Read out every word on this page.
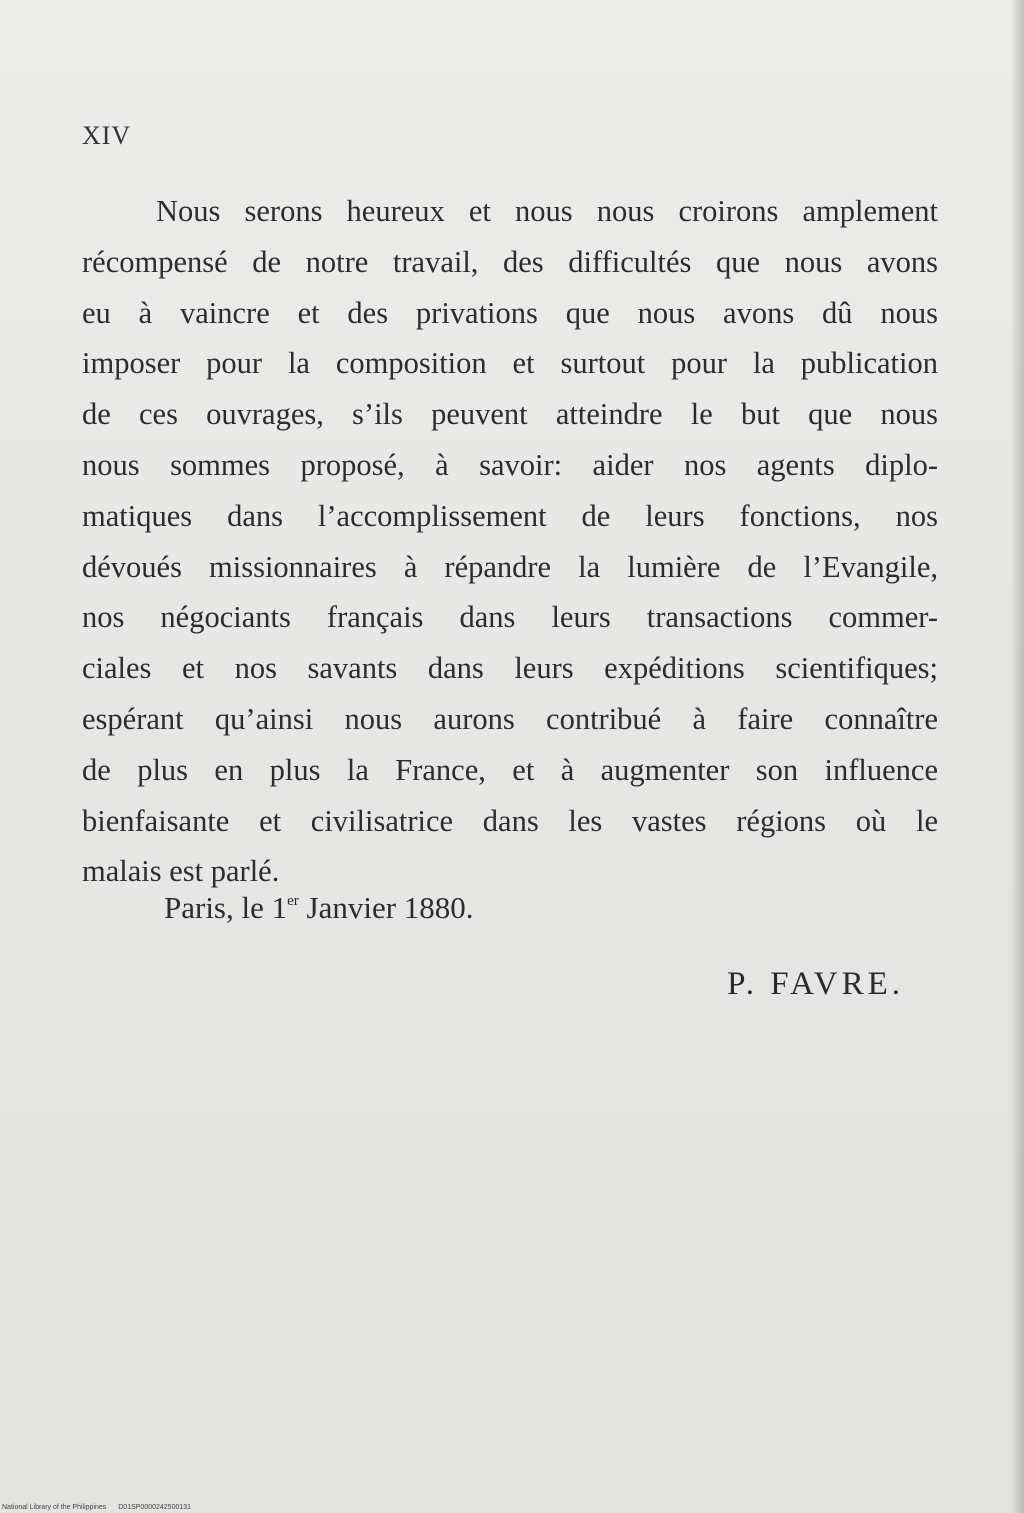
XIV

Nous serons heureux et nous nous croirons amplement
récompensé de notre travail, des difficultés que nous avons
eu à vaincre et des privations que nous avons dû nous
imposer pour la composition et surtout pour la publication
de ces ouvrages, s’ils peuvent atteindre le but que nous
nous sommes proposé, à savoir: aider nos agents diplo-
matiques dans l’accomplissement de leurs fonctions, nos
dévoués missionnaires à répandre la lumière de l’Evangile,
nos négociants français dans leurs transactions commer-
ciales et nos savants dans leurs expéditions scientifiques;
espérant qu’ainsi nous aurons contribué à faire connaître
de plus en plus la France, et à augmenter son influence
bienfaisante et civilisatrice dans les vastes régions où le
malais est parlé.

Paris, le 1er Janvier 1880.
P. FAVRE.
National Library of the Philippines D01SP0000242500131
